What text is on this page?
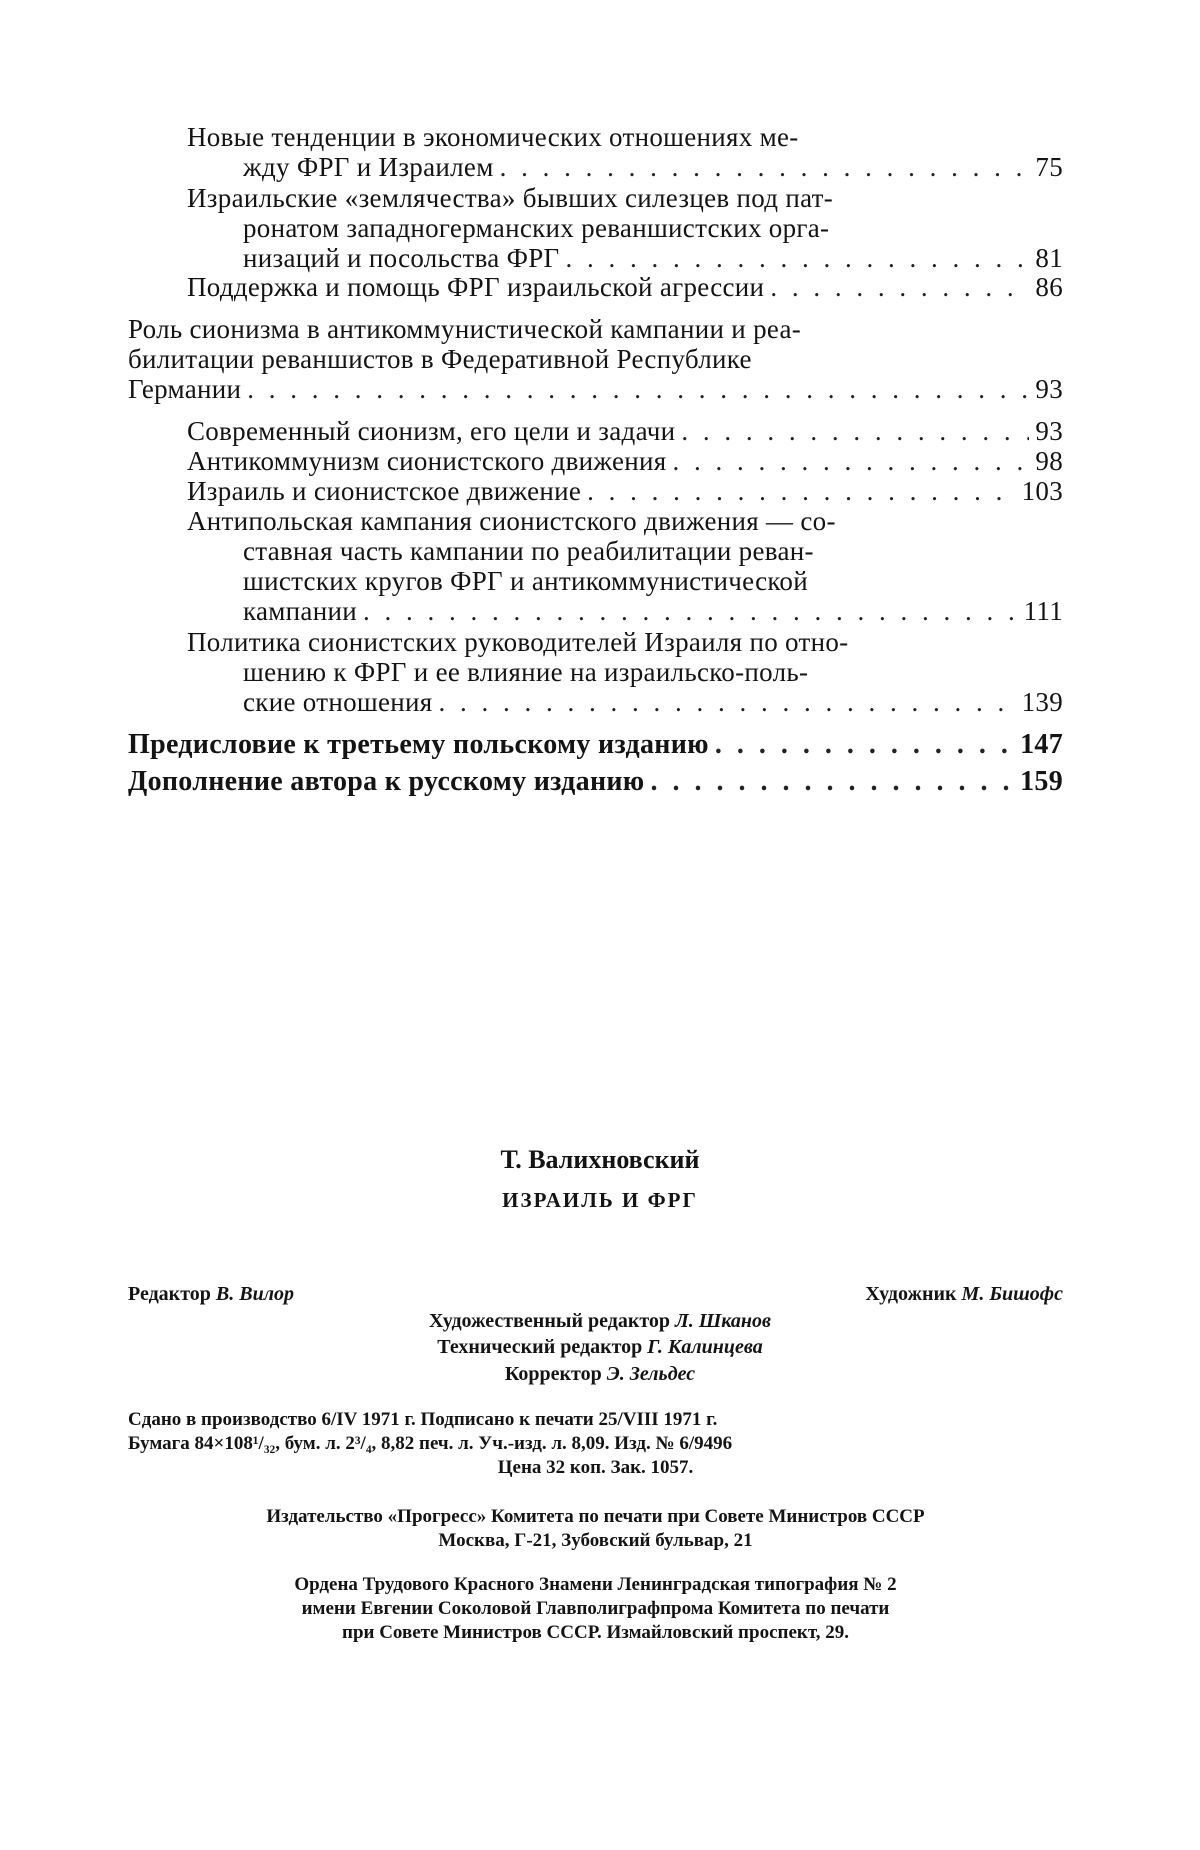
Новые тенденции в экономических отношениях ме-
жду ФРГ и Израилем . . .	75
Израильские «землячества» бывших силезцев под пат-
ронатом западногерманских реваншистских орга-
низаций и посольства ФРГ . . .	81
Поддержка и помощь ФРГ израильской агрессии . . .	86
Роль сионизма в антикоммунистической кампании и реа-
билитации реваншистов в Федеративной Республике
Германии . . .	93
Современный сионизм, его цели и задачи . . .	93
Антикоммунизм сионистского движения . . .	98
Израиль и сионистское движение . . .	103
Антипольская кампания сионистского движения — со-
ставная часть кампании по реабилитации реван-
шистских кругов ФРГ и антикоммунистической
кампании . . .	111
Политика сионистских руководителей Израиля по отно-
шению к ФРГ и ее влияние на израильско-поль-
ские отношения . . .	139
Предисловие к третьему польскому изданию . . .	147
Дополнение автора к русскому изданию . . .	159
Т. Валихновский
ИЗРАИЛЬ И ФРГ
Редактор В. Вилор	Художник М. Бишофс
Художественный редактор Л. Шканов
Технический редактор Г. Калинцева
Корректор Э. Зельдес
Сдано в производство 6/IV 1971 г. Подписано к печати 25/VIII 1971 г.
Бумага 84×108¹/₃₂, бум. л. 2³/₄, 8,82 печ. л. Уч.-изд. л. 8,09. Изд. № 6/9496
Цена 32 коп. Зак. 1057.
Издательство «Прогресс» Комитета по печати при Совете Министров СССР
Москва, Г-21, Зубовский бульвар, 21
Ордена Трудового Красного Знамени Ленинградская типография № 2
имени Евгении Соколовой Главполиграфпрома Комитета по печати
при Совете Министров СССР. Измайловский проспект, 29.
